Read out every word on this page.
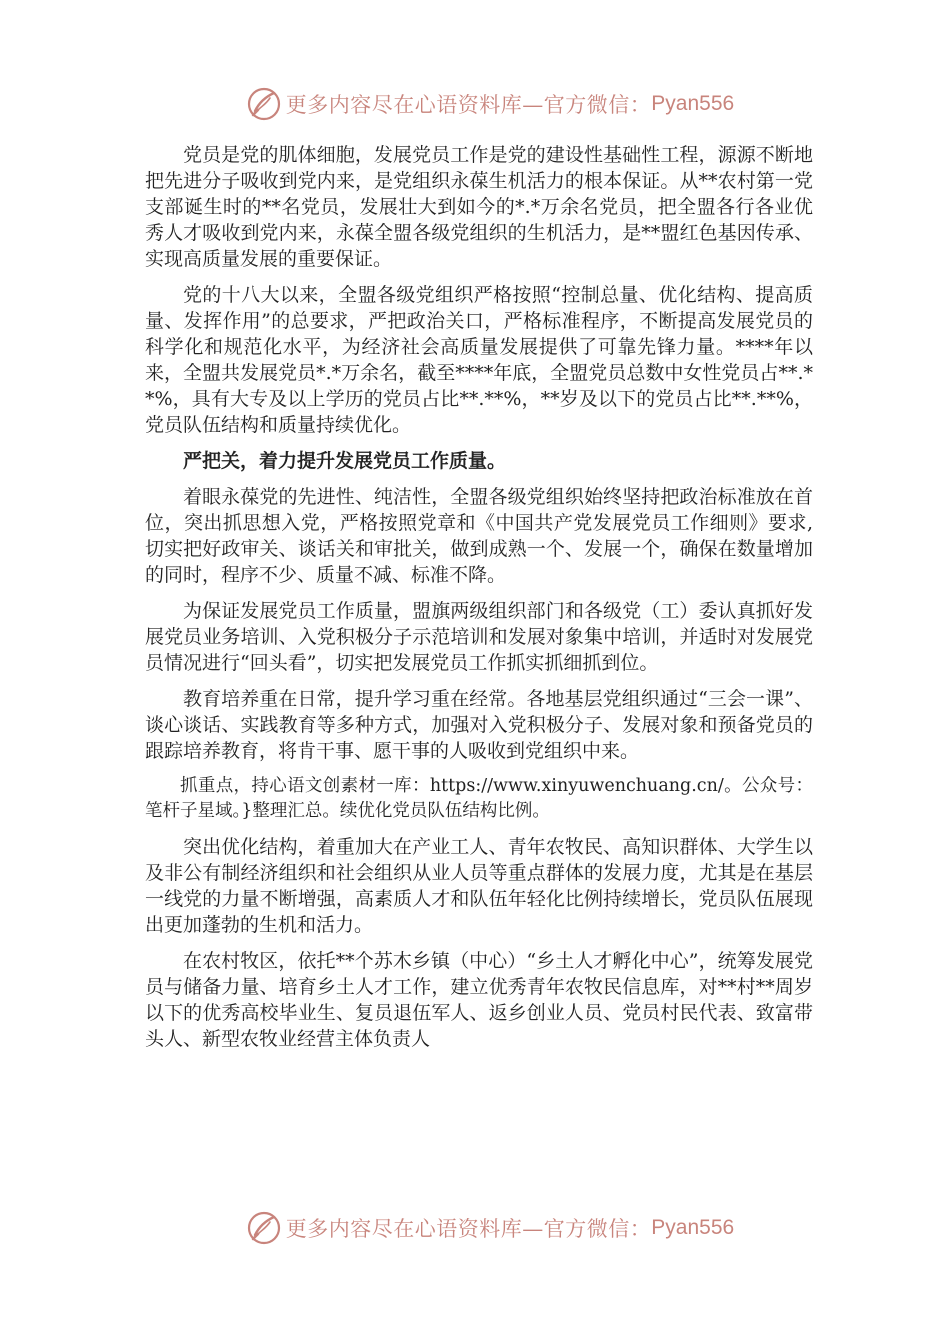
更多内容尽在心语资料库—官方微信： Pyan556

党员是党的肌体细胞，发展党员工作是党的建设性基础性工程，源源不断地把先进分子吸收到党内来，是党组织永葆生机活力的根本保证。从**农村第一党支部诞生时的**名党员，发展壮大到如今的*.*万余名党员，把全盟各行各业优秀人才吸收到党内来，永葆全盟各级党组织的生机活力，是**盟红色基因传承、实现高质量发展的重要保证。

党的十八大以来，全盟各级党组织严格按照“控制总量、优化结构、提高质量、发挥作用”的总要求，严把政治关口，严格标准程序，不断提高发展党员的科学化和规范化水平，为经济社会高质量发展提供了可靠先锋力量。****年以来，全盟共发展党员*.*万余名，截至****年底，全盟党员总数中女性党员占**.**%，具有大专及以上学历的党员占比**.**%，**岁及以下的党员占比**.**%，党员队伍结构和质量持续优化。

严把关，着力提升发展党员工作质量。

着眼永葆党的先进性、纯洁性，全盟各级党组织始终坚持把政治标准放在首位，突出抓思想入党，严格按照党章和《中国共产党发展党员工作细则》要求,切实把好政审关、谈话关和审批关，做到成熟一个、发展一个，确保在数量增加的同时，程序不少、质量不减、标准不降。

为保证发展党员工作质量，盟旗两级组织部门和各级党（工）委认真抓好发展党员业务培训、入党积极分子示范培训和发展对象集中培训，并适时对发展党员情况进行“回头看”，切实把发展党员工作抓实抓细抓到位。

教育培养重在日常，提升学习重在经常。各地基层党组织通过“三会一课”、谈心谈话、实践教育等多种方式，加强对入党积极分子、发展对象和预备党员的跟踪培养教育，将肯干事、愿干事的人吸收到党组织中来。

抓重点，持心语文创素材一库：https://www.xinyuwenchuang.cn/。公众号：笔杆子星域。}整理汇总。续优化党员队伍结构比例。

突出优化结构，着重加大在产业工人、青年农牧民、高知识群体、大学生以及非公有制经济组织和社会组织从业人员等重点群体的发展力度，尤其是在基层一线党的力量不断增强，高素质人才和队伍年轻化比例持续增长，党员队伍展现出更加蓬勃的生机和活力。

在农村牧区，依托**个苏木乡镇（中心）“乡土人才孵化中心”，统筹发展党员与储备力量、培育乡土人才工作，建立优秀青年农牧民信息库，对**村**周岁以下的优秀高校毕业生、复员退伍军人、返乡创业人员、党员村民代表、致富带头人、新型农牧业经营主体负责人

更多内容尽在心语资料库—官方微信： Pyan556
